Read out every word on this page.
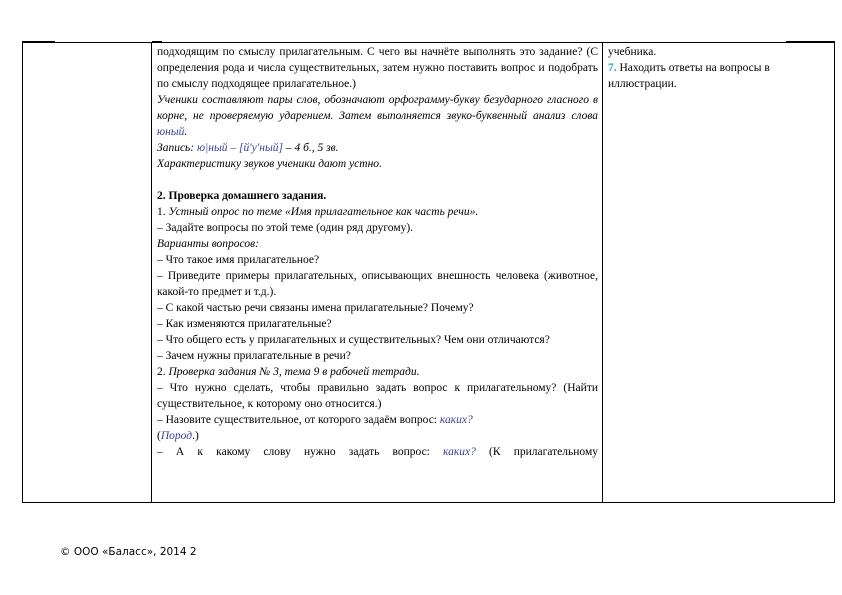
подходящим по смыслу прилагательным. С чего вы начнёте выполнять это задание? (С определения рода и числа существительных, затем нужно поставить вопрос и подобрать по смыслу подходящее прилагательное.)

Ученики составляют пары слов, обозначают орфограмму-букву безударного гласного в корне, не проверяемую ударением. Затем выполняется звуко-буквенный анализ слова юный.

Запись: ю|ный – [й'у'ный] – 4 б., 5 зв.

Характеристику звуков ученики дают устно.

2. Проверка домашнего задания.

1. Устный опрос по теме «Имя прилагательное как часть речи».

– Задайте вопросы по этой теме (один ряд другому).

Варианты вопросов:

– Что такое имя прилагательное?

– Приведите примеры прилагательных, описывающих внешность человека (животное, какой-то предмет и т.д.).

– С какой частью речи связаны имена прилагательные? Почему?

– Как изменяются прилагательные?

– Что общего есть у прилагательных и существительных? Чем они отличаются?

– Зачем нужны прилагательные в речи?

2. Проверка задания № 3, тема 9 в рабочей тетради.

– Что нужно сделать, чтобы правильно задать вопрос к прилагательному? (Найти существительное, к которому оно относится.)

– Назовите существительное, от которого задаём вопрос: каких?

(Пород.)

– А к какому слову нужно задать вопрос: каких? (К прилагательному

учебника.

7. Находить ответы на вопросы в иллюстрации.

© ООО «Баласс», 2014 2
